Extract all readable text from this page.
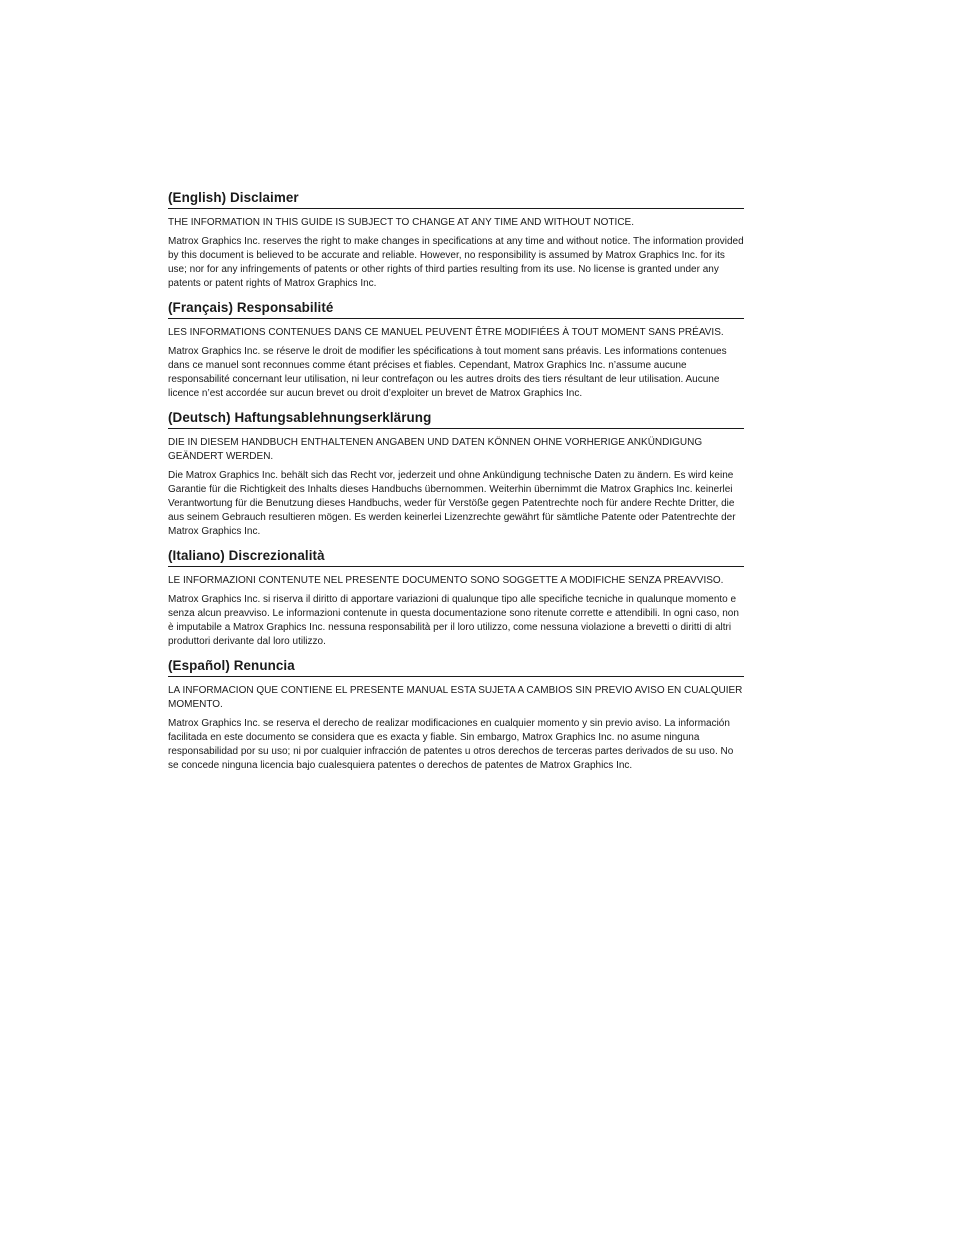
(English) Disclaimer

THE INFORMATION IN THIS GUIDE IS SUBJECT TO CHANGE AT ANY TIME AND WITHOUT NOTICE.

Matrox Graphics Inc. reserves the right to make changes in specifications at any time and without notice. The information provided by this document is believed to be accurate and reliable. However, no responsibility is assumed by Matrox Graphics Inc. for its use; nor for any infringements of patents or other rights of third parties resulting from its use. No license is granted under any patents or patent rights of Matrox Graphics Inc.

(Français) Responsabilité

LES INFORMATIONS CONTENUES DANS CE MANUEL PEUVENT ÊTRE MODIFIÉES À TOUT MOMENT SANS PRÉAVIS.

Matrox Graphics Inc. se réserve le droit de modifier les spécifications à tout moment sans préavis. Les informations contenues dans ce manuel sont reconnues comme étant précises et fiables. Cependant, Matrox Graphics Inc. n’assume aucune responsabilité concernant leur utilisation, ni leur contrefaçon ou les autres droits des tiers résultant de leur utilisation. Aucune licence n’est accordée sur aucun brevet ou droit d’exploiter un brevet de Matrox Graphics Inc.

(Deutsch) Haftungsablehnungserklärung

DIE IN DIESEM HANDBUCH ENTHALTENEN ANGABEN UND DATEN KÖNNEN OHNE VORHERIGE ANKÜNDIGUNG GEÄNDERT WERDEN.

Die Matrox Graphics Inc. behält sich das Recht vor, jederzeit und ohne Ankündigung technische Daten zu ändern. Es wird keine Garantie für die Richtigkeit des Inhalts dieses Handbuchs übernommen. Weiterhin übernimmt die Matrox Graphics Inc. keinerlei Verantwortung für die Benutzung dieses Handbuchs, weder für Verstöße gegen Patentrechte noch für andere Rechte Dritter, die aus seinem Gebrauch resultieren mögen. Es werden keinerlei Lizenzrechte gewährt für sämtliche Patente oder Patentrechte der Matrox Graphics Inc.

(Italiano) Discrezionalità

LE INFORMAZIONI CONTENUTE NEL PRESENTE DOCUMENTO SONO SOGGETTE A MODIFICHE SENZA PREAVVISO.

Matrox Graphics Inc. si riserva il diritto di apportare variazioni di qualunque tipo alle specifiche tecniche in qualunque momento e senza alcun preavviso. Le informazioni contenute in questa documentazione sono ritenute corrette e attendibili. In ogni caso, non è imputabile a Matrox Graphics Inc. nessuna responsabilità per il loro utilizzo, come nessuna violazione a brevetti o diritti di altri produttori derivante dal loro utilizzo.

(Español) Renuncia

LA INFORMACION QUE CONTIENE EL PRESENTE MANUAL ESTA SUJETA A CAMBIOS SIN PREVIO AVISO EN CUALQUIER MOMENTO.

Matrox Graphics Inc. se reserva el derecho de realizar modificaciones en cualquier momento y sin previo aviso. La información facilitada en este documento se considera que es exacta y fiable. Sin embargo, Matrox Graphics Inc. no asume ninguna responsabilidad por su uso; ni por cualquier infracción de patentes u otros derechos de terceras partes derivados de su uso. No se concede ninguna licencia bajo cualesquiera patentes o derechos de patentes de Matrox Graphics Inc.
